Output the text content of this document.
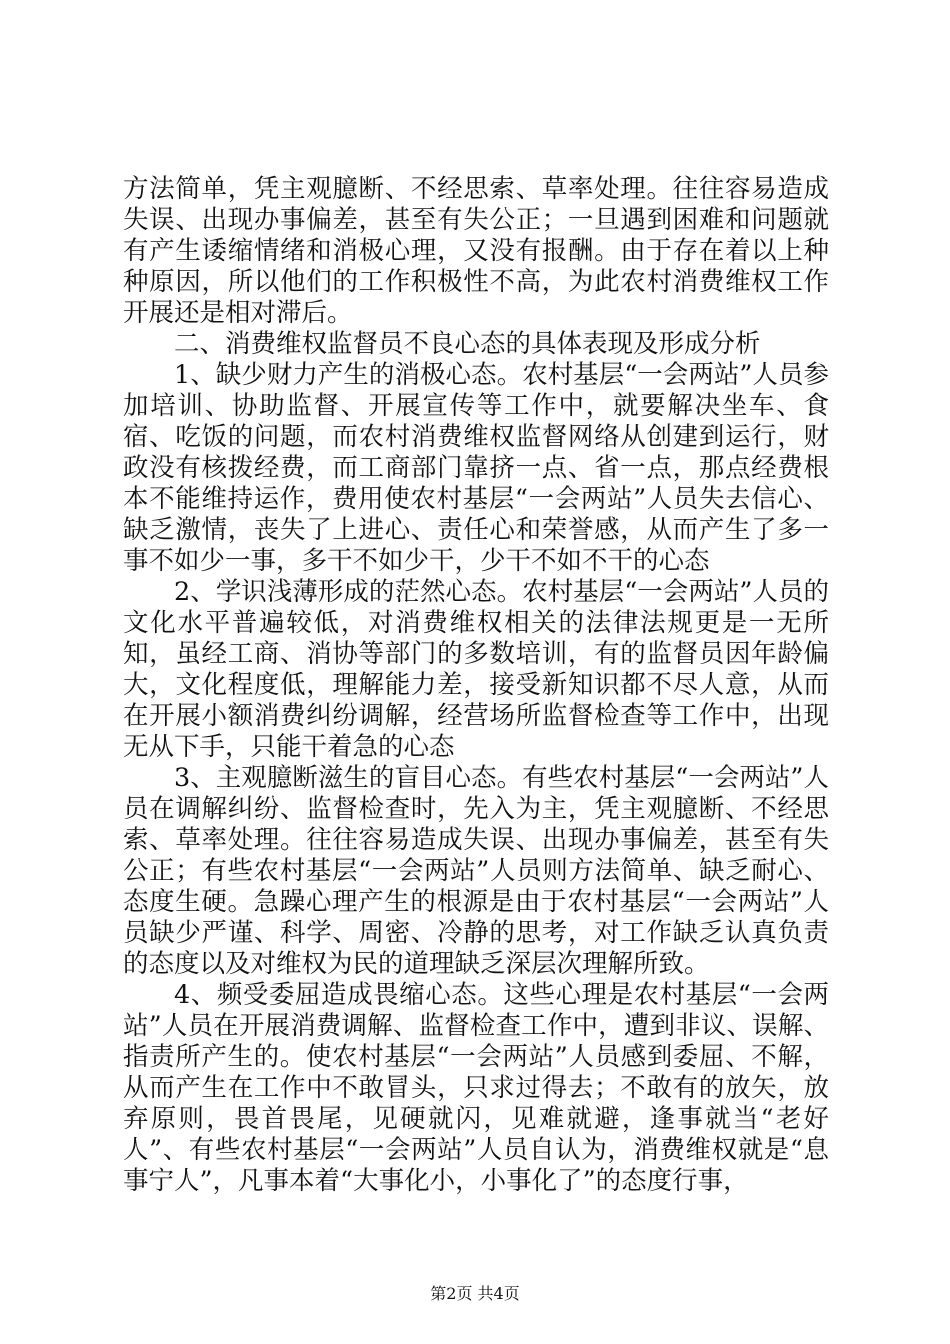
方法简单，凭主观臆断、不经思索、草率处理。往往容易造成失误、出现办事偏差，甚至有失公正；一旦遇到困难和问题就有产生诿缩情绪和消极心理，又没有报酬。由于存在着以上种种原因，所以他们的工作积极性不高，为此农村消费维权工作开展还是相对滞后。

二、消费维权监督员不良心态的具体表现及形成分析

1、缺少财力产生的消极心态。农村基层“一会两站”人员参加培训、协助监督、开展宣传等工作中，就要解决坐车、食宿、吃饭的问题，而农村消费维权监督网络从创建到运行，财政没有核拨经费，而工商部门靠挤一点、省一点，那点经费根本不能维持运作，费用使农村基层“一会两站”人员失去信心、缺乏激情，丧失了上进心、责任心和荣誉感，从而产生了多一事不如少一事，多干不如少干，少干不如不干的心态

2、学识浅薄形成的茫然心态。农村基层“一会两站”人员的文化水平普遍较低，对消费维权相关的法律法规更是一无所知，虽经工商、消协等部门的多数培训，有的监督员因年龄偏大，文化程度低，理解能力差，接受新知识都不尽人意，从而在开展小额消费纠纷调解，经营场所监督检查等工作中，出现无从下手，只能干着急的心态

3、主观臆断滋生的盲目心态。有些农村基层“一会两站”人员在调解纠纷、监督检查时，先入为主，凭主观臆断、不经思索、草率处理。往往容易造成失误、出现办事偏差，甚至有失公正；有些农村基层“一会两站”人员则方法简单、缺乏耐心、态度生硬。急躁心理产生的根源是由于农村基层“一会两站”人员缺少严谨、科学、周密、冷静的思考，对工作缺乏认真负责的态度以及对维权为民的道理缺乏深层次理解所致。

4、频受委屈造成畏缩心态。这些心理是农村基层“一会两站”人员在开展消费调解、监督检查工作中，遭到非议、误解、指责所产生的。使农村基层“一会两站”人员感到委屈、不解，从而产生在工作中不敢冒头，只求过得去；不敢有的放矢，放弃原则，畏首畏尾，见硬就闪，见难就避，逢事就当“老好人”、有些农村基层“一会两站”人员自认为，消费维权就是“息事宁人”，凡事本着“大事化小，小事化了”的态度行事，

第2页 共4页
